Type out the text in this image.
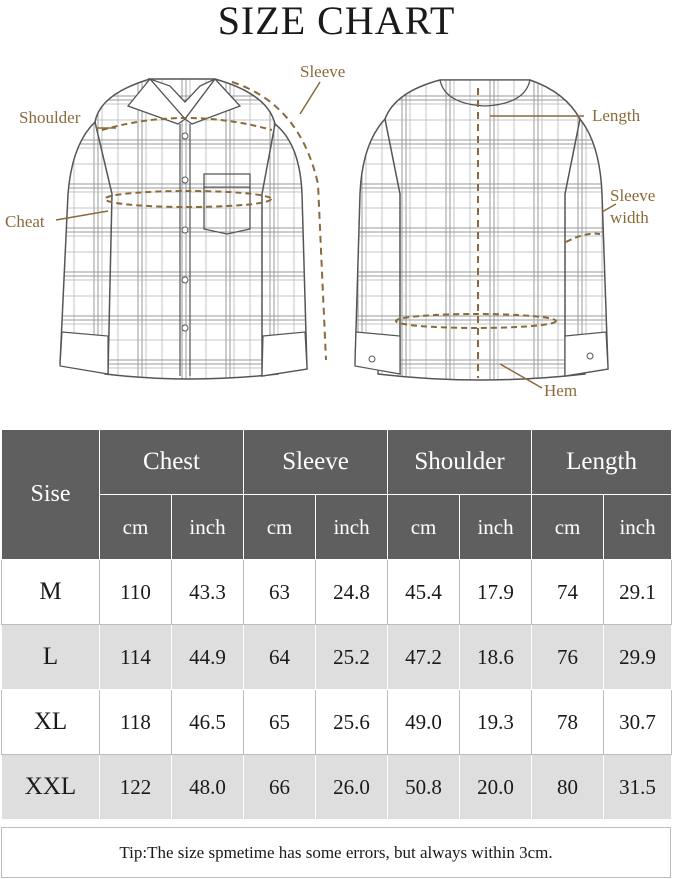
SIZE CHART
Shoulder
Sleeve
Cheat
Length
Sleeve
width
Hem
Sise	Chest		Sleeve		Shoulder		Length	
	cm	inch	cm	inch	cm	inch	cm	inch
M	110	43.3	63	24.8	45.4	17.9	74	29.1
L	114	44.9	64	25.2	47.2	18.6	76	29.9
XL	118	46.5	65	25.6	49.0	19.3	78	30.7
XXL	122	48.0	66	26.0	50.8	20.0	80	31.5
Tip:The size spmetime has some errors, but always within 3cm.
